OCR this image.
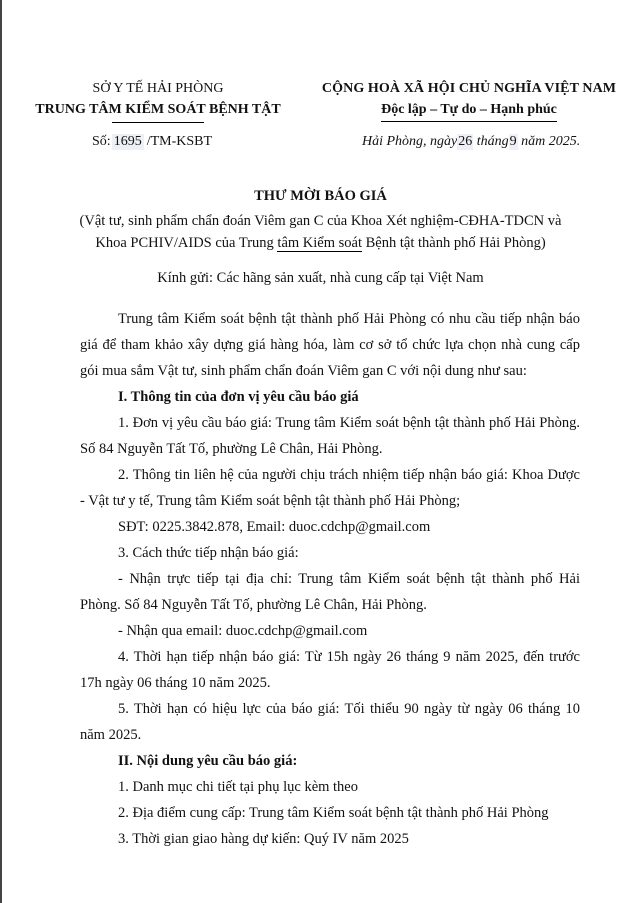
SỞ Y TẾ HẢI PHÒNG
TRUNG TÂM KIỂM SOÁT BỆNH TẬT
CỘNG HOÀ XÃ HỘI CHỦ NGHĨA VIỆT NAM
Độc lập – Tự do – Hạnh phúc
Số: 1695 /TM-KSBT	Hải Phòng, ngày26 tháng9 năm 2025.
THƯ MỜI BÁO GIÁ
(Vật tư, sinh phẩm chẩn đoán Viêm gan C của Khoa Xét nghiệm-CĐHA-TDCN và
Khoa PCHIV/AIDS của Trung tâm Kiểm soát Bệnh tật thành phố Hải Phòng)
Kính gửi: Các hãng sản xuất, nhà cung cấp tại Việt Nam

Trung tâm Kiểm soát bệnh tật thành phố Hải Phòng có nhu cầu tiếp nhận báo giá để tham khảo xây dựng giá hàng hóa, làm cơ sở tổ chức lựa chọn nhà cung cấp gói mua sắm Vật tư, sinh phẩm chẩn đoán Viêm gan C với nội dung như sau:

I. Thông tin của đơn vị yêu cầu báo giá

1. Đơn vị yêu cầu báo giá: Trung tâm Kiểm soát bệnh tật thành phố Hải Phòng. Số 84 Nguyễn Tất Tố, phường Lê Chân, Hải Phòng.

2. Thông tin liên hệ của người chịu trách nhiệm tiếp nhận báo giá: Khoa Dược - Vật tư y tế, Trung tâm Kiểm soát bệnh tật thành phố Hải Phòng;

SĐT: 0225.3842.878, Email: duoc.cdchp@gmail.com

3. Cách thức tiếp nhận báo giá:

- Nhận trực tiếp tại địa chỉ: Trung tâm Kiểm soát bệnh tật thành phố Hải Phòng. Số 84 Nguyễn Tất Tố, phường Lê Chân, Hải Phòng.

- Nhận qua email: duoc.cdchp@gmail.com

4. Thời hạn tiếp nhận báo giá: Từ 15h ngày 26 tháng 9 năm 2025, đến trước 17h ngày 06 tháng 10 năm 2025.

5. Thời hạn có hiệu lực của báo giá: Tối thiểu 90 ngày từ ngày 06 tháng 10 năm 2025.

II. Nội dung yêu cầu báo giá:

1. Danh mục chi tiết tại phụ lục kèm theo

2. Địa điểm cung cấp: Trung tâm Kiểm soát bệnh tật thành phố Hải Phòng

3. Thời gian giao hàng dự kiến: Quý IV năm 2025
